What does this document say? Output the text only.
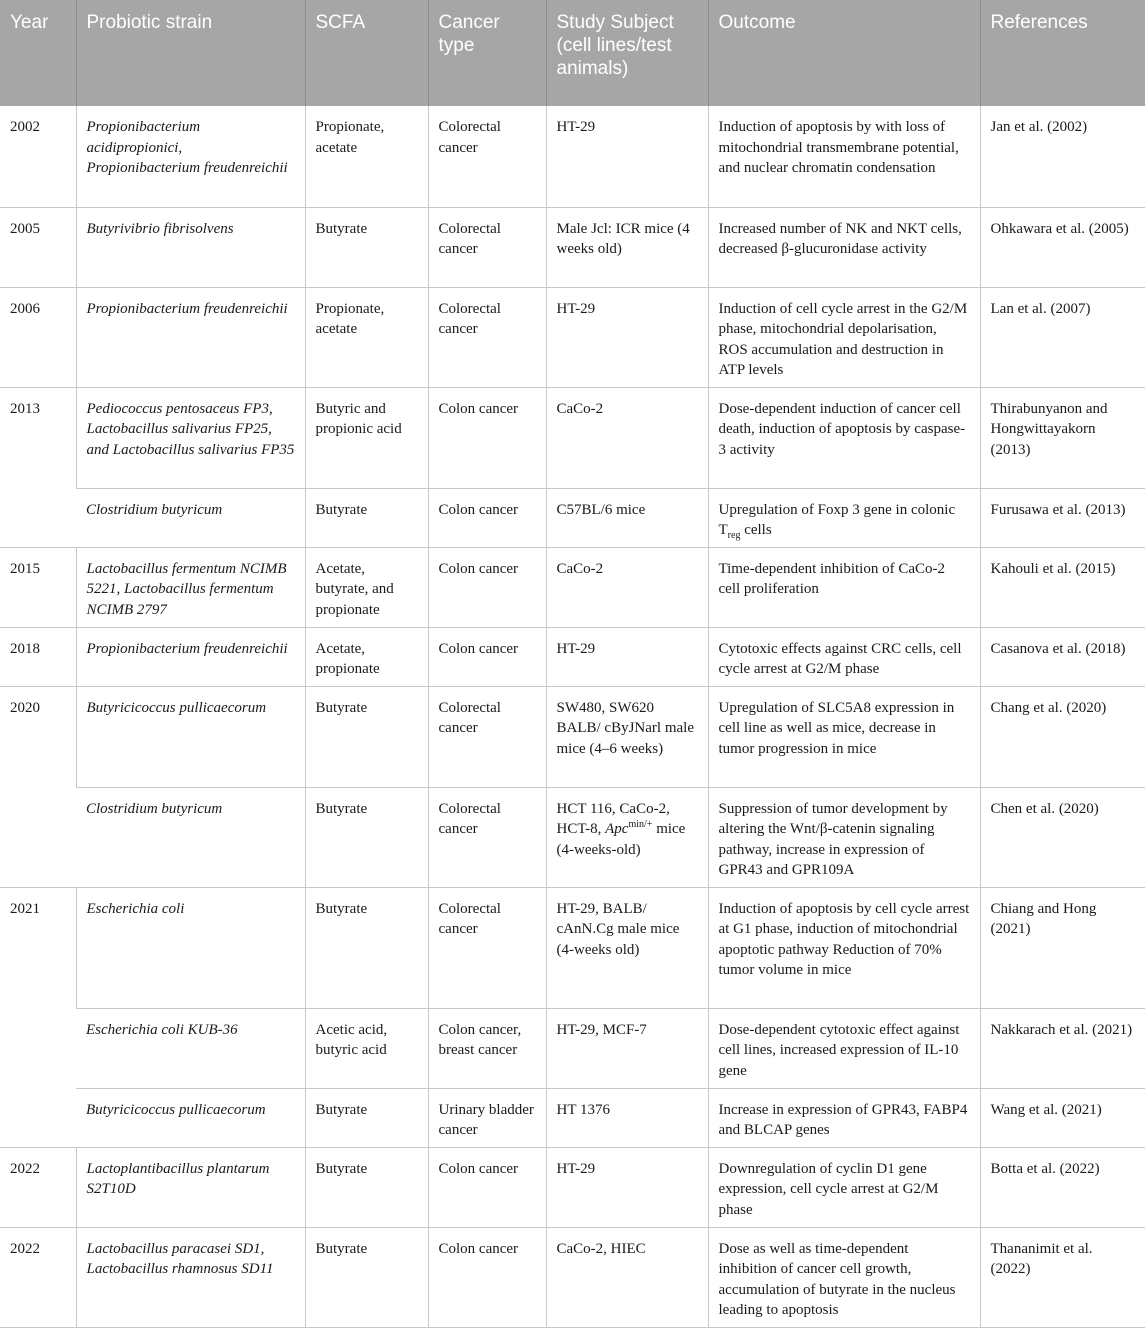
Year	Probiotic strain	SCFA	Cancer type	Study Subject (cell lines/test animals)	Outcome	References
2002	Propionibacterium acidipropionici, Propionibacterium freudenreichii	Propionate, acetate	Colorectal cancer	HT-29	Induction of apoptosis by with loss of mitochondrial transmembrane potential, and nuclear chromatin condensation	Jan et al. (2002)
2005	Butyrivibrio fibrisolvens	Butyrate	Colorectal cancer	Male Jcl: ICR mice (4 weeks old)	Increased number of NK and NKT cells, decreased β-glucuronidase activity	Ohkawara et al. (2005)
2006	Propionibacterium freudenreichii	Propionate, acetate	Colorectal cancer	HT-29	Induction of cell cycle arrest in the G2/M phase, mitochondrial depolarisation, ROS accumulation and destruction in ATP levels	Lan et al. (2007)
2013	Pediococcus pentosaceus FP3, Lactobacillus salivarius FP25, and Lactobacillus salivarius FP35	Butyric and propionic acid	Colon cancer	CaCo-2	Dose-dependent induction of cancer cell death, induction of apoptosis by caspase-3 activity	Thirabunyanon and Hongwittayakorn (2013)
	Clostridium butyricum	Butyrate	Colon cancer	C57BL/6 mice	Upregulation of Foxp 3 gene in colonic $T_{reg}$ cells	Furusawa et al. (2013)
2015	Lactobacillus fermentum NCIMB 5221, Lactobacillus fermentum NCIMB 2797	Acetate, butyrate, and propionate	Colon cancer	CaCo-2	Time-dependent inhibition of CaCo-2 cell proliferation	Kahouli et al. (2015)
2018	Propionibacterium freudenreichii	Acetate, propionate	Colon cancer	HT-29	Cytotoxic effects against CRC cells, cell cycle arrest at G2/M phase	Casanova et al. (2018)
2020	Butyricicoccus pullicaecorum	Butyrate	Colorectal cancer	SW480, SW620 BALB/ cByJNarl male mice (4–6 weeks)	Upregulation of SLC5A8 expression in cell line as well as mice, decrease in tumor progression in mice	Chang et al. (2020)
	Clostridium butyricum	Butyrate	Colorectal cancer	HCT 116, CaCo-2, HCT-8, Apc$^{min/+}$ mice (4-weeks-old)	Suppression of tumor development by altering the Wnt/β-catenin signaling pathway, increase in expression of GPR43 and GPR109A	Chen et al. (2020)
2021	Escherichia coli	Butyrate	Colorectal cancer	HT-29, BALB/ cAnN.Cg male mice (4-weeks old)	Induction of apoptosis by cell cycle arrest at G1 phase, induction of mitochondrial apoptotic pathway Reduction of 70% tumor volume in mice	Chiang and Hong (2021)
	Escherichia coli KUB-36	Acetic acid, butyric acid	Colon cancer, breast cancer	HT-29, MCF-7	Dose-dependent cytotoxic effect against cell lines, increased expression of IL-10 gene	Nakkarach et al. (2021)
	Butyricicoccus pullicaecorum	Butyrate	Urinary bladder cancer	HT 1376	Increase in expression of GPR43, FABP4 and BLCAP genes	Wang et al. (2021)
2022	Lactoplantibacillus plantarum S2T10D	Butyrate	Colon cancer	HT-29	Downregulation of cyclin D1 gene expression, cell cycle arrest at G2/M phase	Botta et al. (2022)
2022	Lactobacillus paracasei SD1, Lactobacillus rhamnosus SD11	Butyrate	Colon cancer	CaCo-2, HIEC	Dose as well as time-dependent inhibition of cancer cell growth, accumulation of butyrate in the nucleus leading to apoptosis	Thananimit et al. (2022)
